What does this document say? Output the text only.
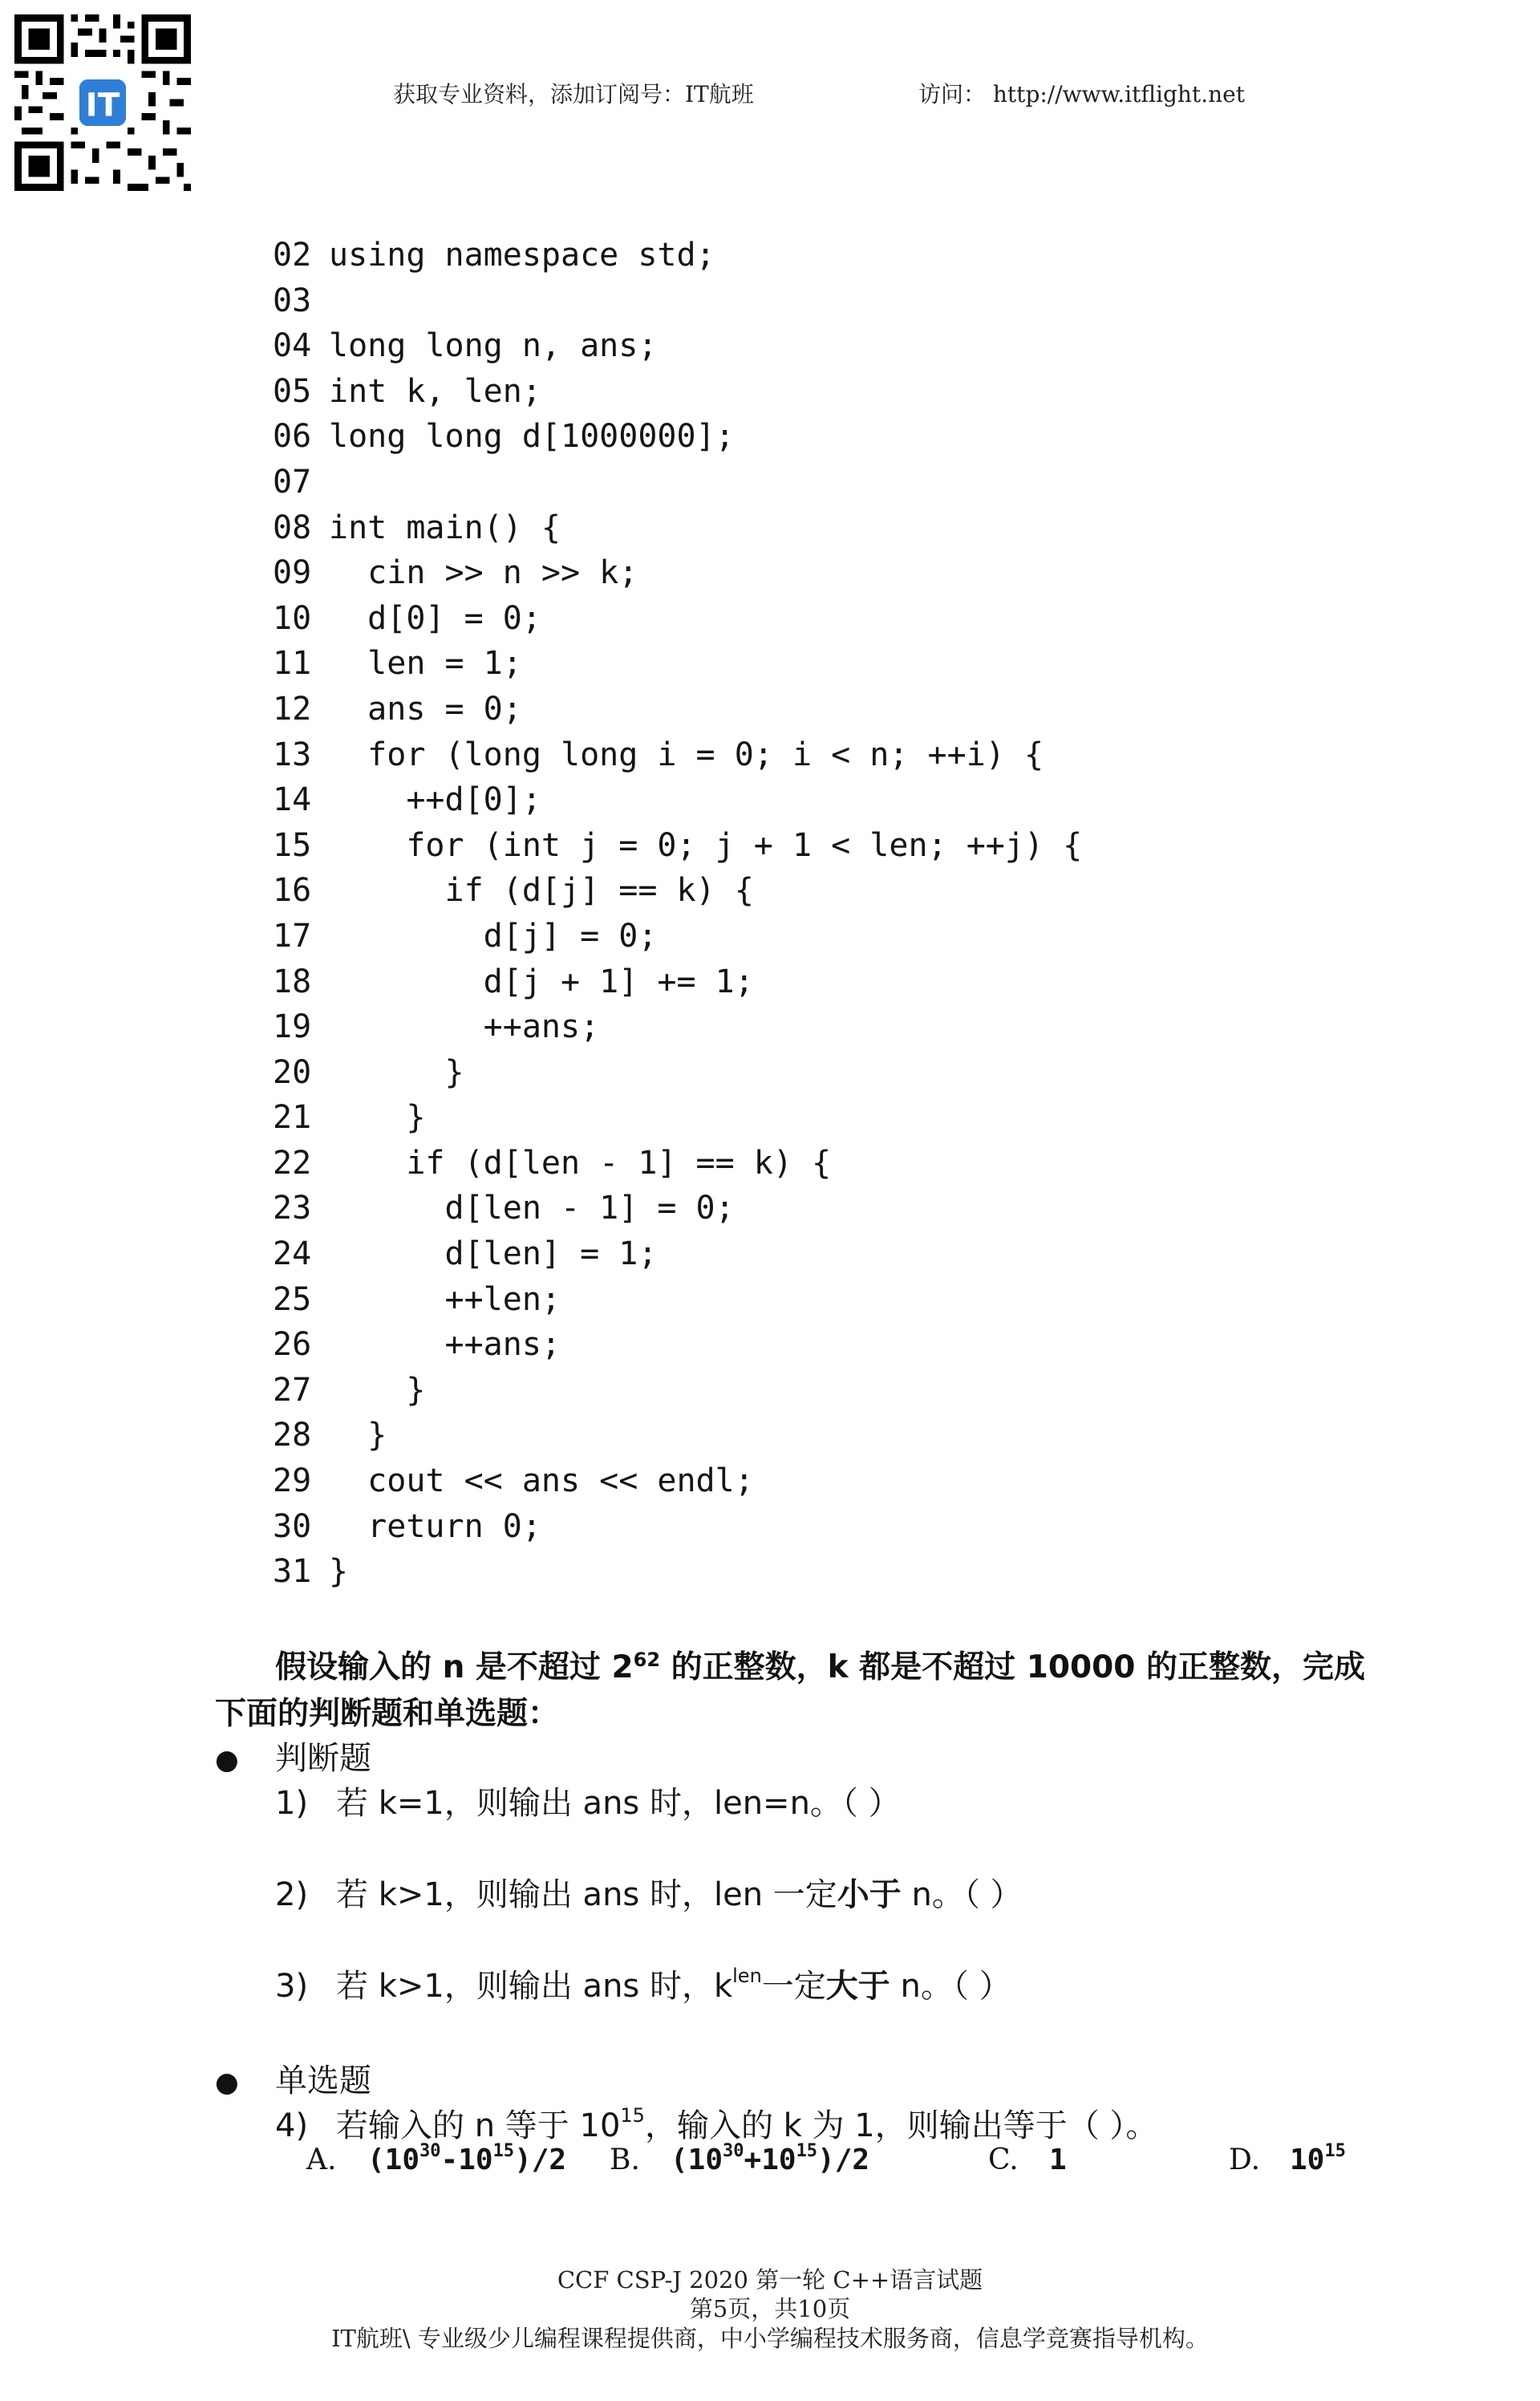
IT	获取专业资料，添加订阅号：IT航班	访问： http://www.itflight.net
02 using namespace std;
03
04 long long n, ans;
05 int k, len;
06 long long d[1000000];
07
08 int main() {
09  cin >> n >> k;
10  d[0] = 0;
11  len = 1;
12  ans = 0;
13  for (long long i = 0; i < n; ++i) {
14    ++d[0];
15    for (int j = 0; j + 1 < len; ++j) {
16      if (d[j] == k) {
17        d[j] = 0;
18        d[j + 1] += 1;
19        ++ans;
20      }
21    }
22    if (d[len - 1] == k) {
23      d[len - 1] = 0;
24      d[len] = 1;
25      ++len;
26      ++ans;
27    }
28  }
29  cout << ans << endl;
30  return 0;
31 }
假设输入的 n 是不超过 $2^{62}$ 的正整数，k 都是不超过 10000 的正整数，完成下面的判断题和单选题：
● 判断题
1) 若 k=1，则输出 ans 时，len=n。（ ）
2) 若 k>1，则输出 ans 时，len 一定小于 n。（ ）
3) 若 k>1，则输出 ans 时，$k^{len}$一定大于 n。（ ）
● 单选题
4) 若输入的 n 等于 $10^{15}$，输入的 k 为 1，则输出等于（ ）。
A. $(10^{30}-10^{15})/2$ B. $(10^{30}+10^{15})/2$	C. 1	D. $10^{15}$
CCF CSP-J 2020 第一轮 C++语言试题
第5页，共10页
IT航班\ 专业级少儿编程课程提供商，中小学编程技术服务商，信息学竞赛指导机构。
